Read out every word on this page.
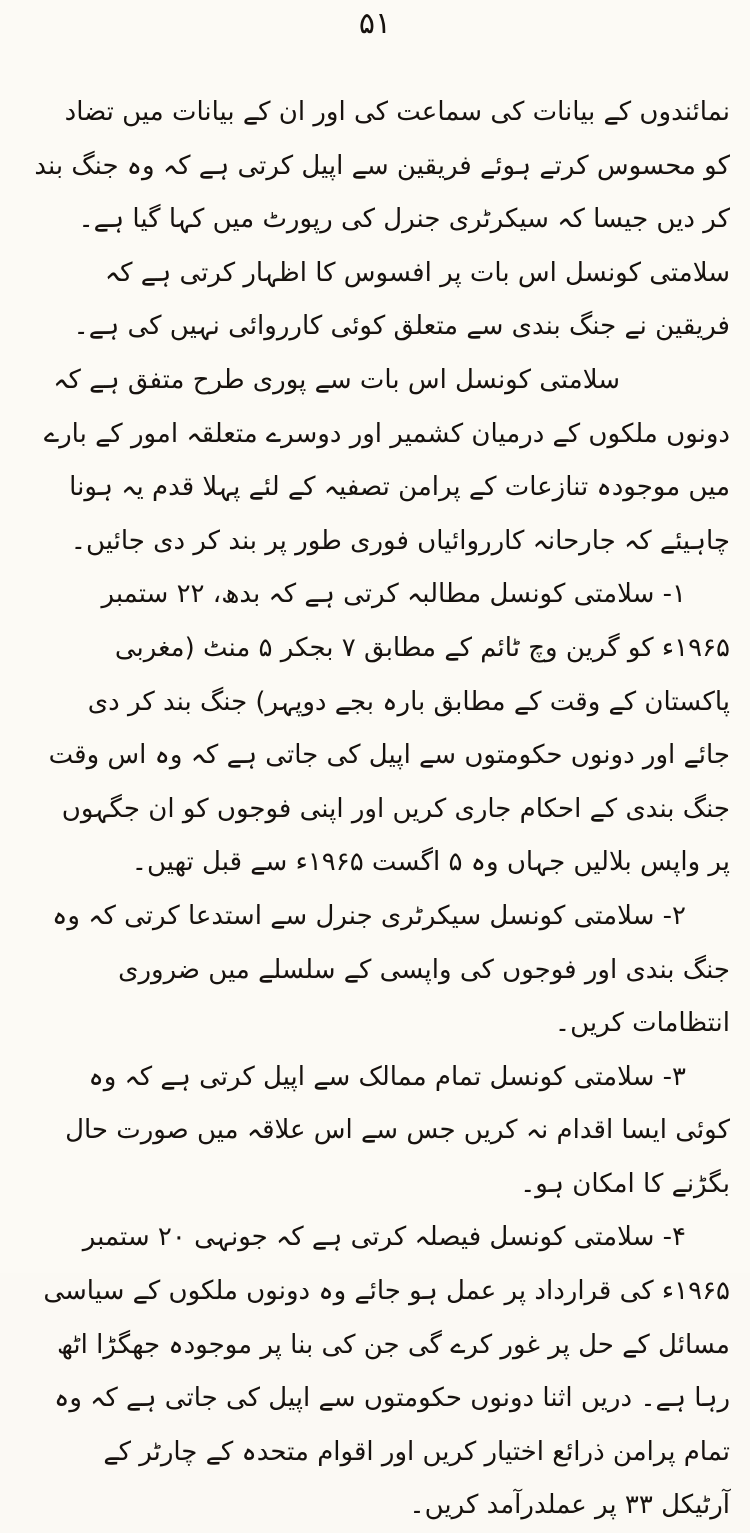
۵۱

نمائندوں کے بیانات کی سماعت کی اور ان کے بیانات میں تضاد کو محسوس کرتے ہوئے فریقین سے اپیل کرتی ہے کہ وہ جنگ بند کر دیں جیسا کہ سیکرٹری جنرل کی رپورٹ میں کہا گیا ہے۔ سلامتی کونسل اس بات پر افسوس کا اظہار کرتی ہے کہ فریقین نے جنگ بندی سے متعلق کوئی کارروائی نہیں کی ہے۔

سلامتی کونسل اس بات سے پوری طرح متفق ہے کہ دونوں ملکوں کے درمیان کشمیر اور دوسرے متعلقہ امور کے بارے میں موجودہ تنازعات کے پرامن تصفیہ کے لئے پہلا قدم یہ ہونا چاہیئے کہ جارحانہ کارروائیاں فوری طور پر بند کر دی جائیں۔

۱- سلامتی کونسل مطالبہ کرتی ہے کہ بدھ، ۲۲ ستمبر ۱۹۶۵ء کو گرین وچ ٹائم کے مطابق ۷ بجکر ۵ منٹ (مغربی پاکستان کے وقت کے مطابق بارہ بجے دوپہر) جنگ بند کر دی جائے اور دونوں حکومتوں سے اپیل کی جاتی ہے کہ وہ اس وقت جنگ بندی کے احکام جاری کریں اور اپنی فوجوں کو ان جگہوں پر واپس بلالیں جہاں وہ ۵ اگست ۱۹۶۵ء سے قبل تھیں۔

۲- سلامتی کونسل سیکرٹری جنرل سے استدعا کرتی کہ وہ جنگ بندی اور فوجوں کی واپسی کے سلسلے میں ضروری انتظامات کریں۔

۳- سلامتی کونسل تمام ممالک سے اپیل کرتی ہے کہ وہ کوئی ایسا اقدام نہ کریں جس سے اس علاقہ میں صورت حال بگڑنے کا امکان ہو۔

۴- سلامتی کونسل فیصلہ کرتی ہے کہ جونہی ۲۰ ستمبر ۱۹۶۵ء کی قرارداد پر عمل ہو جائے وہ دونوں ملکوں کے سیاسی مسائل کے حل پر غور کرے گی جن کی بنا پر موجودہ جھگڑا اٹھ رہا ہے۔ دریں اثنا دونوں حکومتوں سے اپیل کی جاتی ہے کہ وہ تمام پرامن ذرائع اختیار کریں اور اقوام متحدہ کے چارٹر کے آرٹیکل ۳۳ پر عملدرآمد کریں۔
